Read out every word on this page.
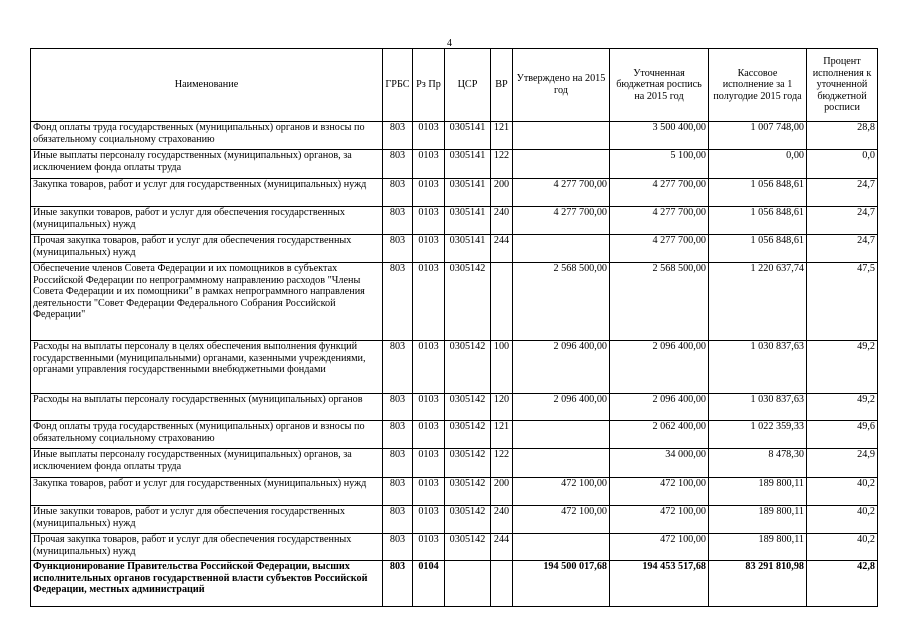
4
Наименование	ГРБС	Рз Пр	ЦСР	ВР	Утверждено на 2015 год	Уточненная бюджетная роспись на 2015 год	Кассовое исполнение за 1 полугодие 2015 года	Процент исполнения к уточненной бюджетной росписи
Фонд оплаты труда государственных (муниципальных) органов и взносы по обязательному социальному страхованию	803	0103	0305141	121		3 500 400,00	1 007 748,00	28,8
Иные выплаты персоналу государственных (муниципальных) органов, за исключением фонда оплаты труда	803	0103	0305141	122		5 100,00	0,00	0,0
Закупка товаров, работ и услуг для государственных (муниципальных) нужд	803	0103	0305141	200	4 277 700,00	4 277 700,00	1 056 848,61	24,7
Иные закупки товаров, работ и услуг для обеспечения государственных (муниципальных) нужд	803	0103	0305141	240	4 277 700,00	4 277 700,00	1 056 848,61	24,7
Прочая закупка товаров, работ и услуг для обеспечения государственных (муниципальных) нужд	803	0103	0305141	244		4 277 700,00	1 056 848,61	24,7
Обеспечение членов Совета Федерации и их помощников в субъектах Российской Федерации по непрограммному направлению расходов "Члены Совета Федерации и их помощники" в рамках непрограммного направления деятельности "Совет Федерации Федерального Собрания Российской Федерации"	803	0103	0305142		2 568 500,00	2 568 500,00	1 220 637,74	47,5
Расходы на выплаты персоналу в целях обеспечения выполнения функций государственными (муниципальными) органами, казенными учреждениями, органами управления государственными внебюджетными фондами	803	0103	0305142	100	2 096 400,00	2 096 400,00	1 030 837,63	49,2
Расходы на выплаты персоналу государственных (муниципальных) органов	803	0103	0305142	120	2 096 400,00	2 096 400,00	1 030 837,63	49,2
Фонд оплаты труда государственных (муниципальных) органов и взносы по обязательному социальному страхованию	803	0103	0305142	121		2 062 400,00	1 022 359,33	49,6
Иные выплаты персоналу государственных (муниципальных) органов, за исключением фонда оплаты труда	803	0103	0305142	122		34 000,00	8 478,30	24,9
Закупка товаров, работ и услуг для государственных (муниципальных) нужд	803	0103	0305142	200	472 100,00	472 100,00	189 800,11	40,2
Иные закупки товаров, работ и услуг для обеспечения государственных (муниципальных) нужд	803	0103	0305142	240	472 100,00	472 100,00	189 800,11	40,2
Прочая закупка товаров, работ и услуг для обеспечения государственных (муниципальных) нужд	803	0103	0305142	244		472 100,00	189 800,11	40,2
Функционирование Правительства Российской Федерации, высших исполнительных органов государственной власти субъектов Российской Федерации, местных администраций	803	0104			194 500 017,68	194 453 517,68	83 291 810,98	42,8
